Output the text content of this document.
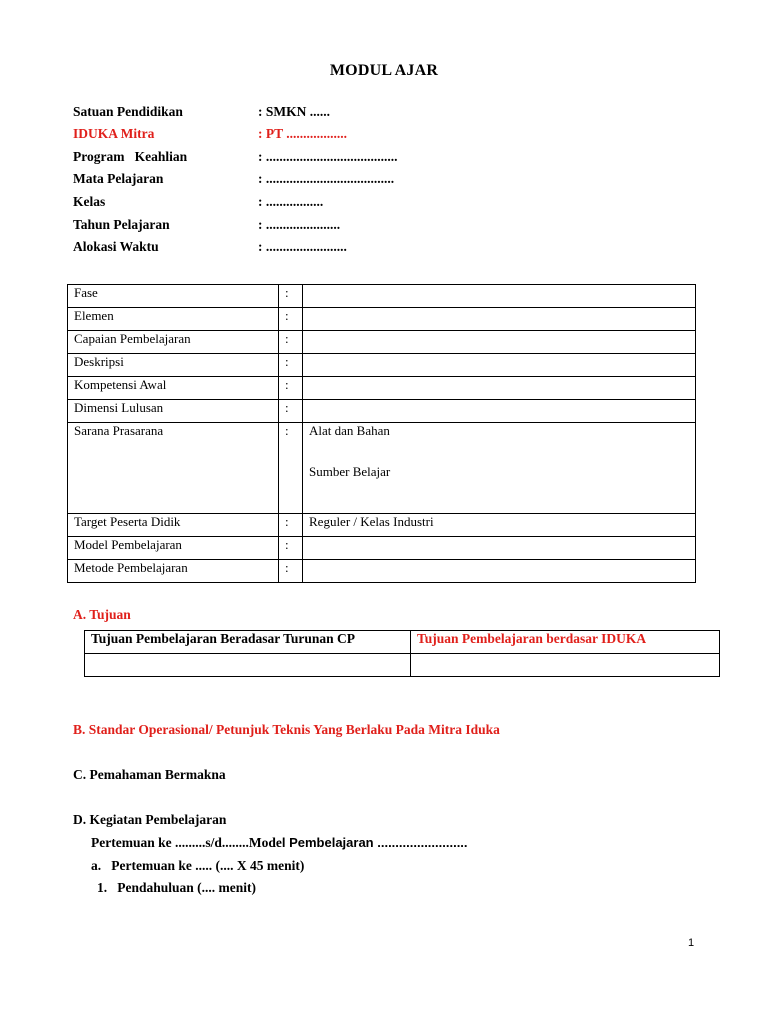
MODUL AJAR
Satuan Pendidikan	: SMKN ......
IDUKA Mitra	: PT ..................
Program   Keahlian	: .......................................
Mata Pelajaran	: ......................................
Kelas	: .................
Tahun Pelajaran	: ......................
Alokasi Waktu	: ........................
Fase	:	
Elemen	:	
Capaian Pembelajaran	:	
Deskripsi	:	
Kompetensi Awal	:	
Dimensi Lulusan	:	
Sarana Prasarana	:	Alat dan Bahan
Sumber Belajar

Target Peserta Didik	:	Reguler / Kelas Industri
Model Pembelajaran	:	
Metode Pembelajaran	:	
A. Tujuan
Tujuan Pembelajaran Beradasar Turunan CP	Tujuan Pembelajaran berdasar IDUKA

B. Standar Operasional/ Petunjuk Teknis Yang Berlaku Pada Mitra Iduka
C. Pemahaman Bermakna
D. Kegiatan Pembelajaran
Pertemuan ke .........s/d........Model Pembelajaran .........................
a.   Pertemuan ke ..... (.... X 45 menit)
1.   Pendahuluan (.... menit)
1
